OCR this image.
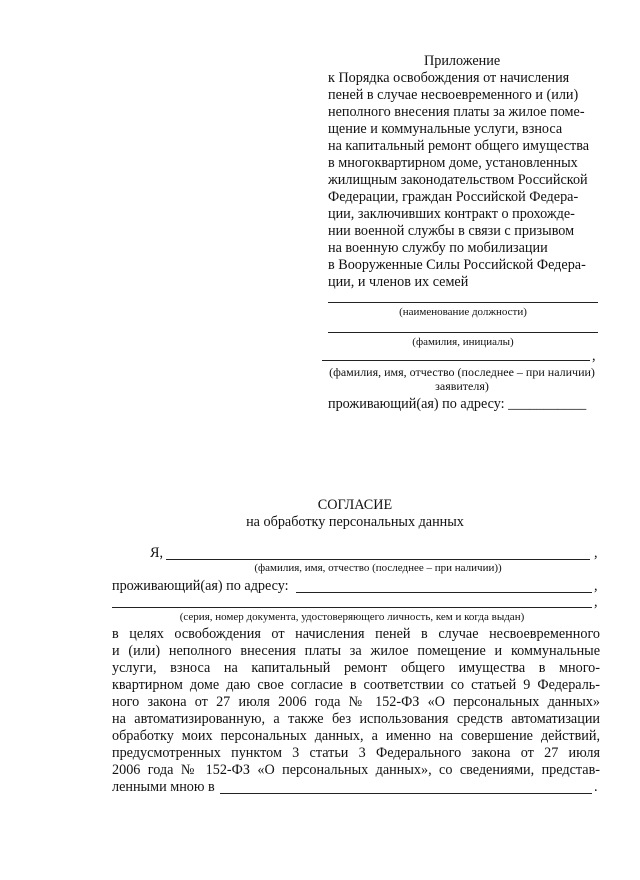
Приложение
к Порядка освобождения от начисления
пеней в случае несвоевременного и (или)
неполного внесения платы за жилое поме-
щение и коммунальные услуги, взноса
на капитальный ремонт общего имущества
в многоквартирном доме, установленных
жилищным законодательством Российской
Федерации, граждан Российской Федера-
ции, заключивших контракт о прохожде-
нии военной службы в связи с призывом
на военную службу по мобилизации
в Вооруженные Силы Российской Федера-
ции, и членов их семей
(наименование должности)
(фамилия, инициалы)
,
(фамилия, имя, отчество (последнее – при наличии)
заявителя)
проживающий(ая) по адресу: ___________
СОГЛАСИЕ
на обработку персональных данных
Я,	,
(фамилия, имя, отчество (последнее – при наличии))
проживающий(ая) по адресу:	,
,
(серия, номер документа, удостоверяющего личность, кем и когда выдан)
в целях освобождения от начисления пеней в случае несвоевременного
и (или) неполного внесения платы за жилое помещение и коммунальные
услуги, взноса на капитальный ремонт общего имущества в много-
квартирном доме даю свое согласие в соответствии со статьей 9 Федераль-
ного закона от 27 июля 2006 года № 152-ФЗ «О персональных данных»
на автоматизированную, а также без использования средств автоматизации
обработку моих персональных данных, а именно на совершение действий,
предусмотренных пунктом 3 статьи 3 Федерального закона от 27 июля
2006 года № 152-ФЗ «О персональных данных», со сведениями, представ-
ленными мною в	.
